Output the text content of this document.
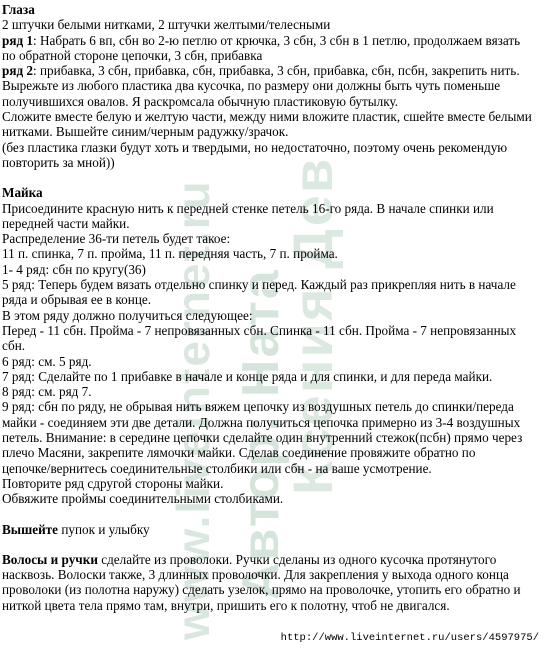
www.liveinternet.ru Автор: Ната
Ксения Дев
Глаза
2 штучки белыми нитками, 2 штучки желтыми/телесными
ряд 1: Набрать 6 вп, сбн во 2-ю петлю от крючка, 3 сбн, 3 сбн в 1 петлю, продолжаем вязать
по обратной стороне цепочки, 3 сбн, прибавка
ряд 2: прибавка, 3 сбн, прибавка, сбн, прибавка, 3 сбн, прибавка, сбн, псбн, закрепить нить.
Вырежьте из любого пластика два кусочка, по размеру они должны быть чуть поменьше
получившихся овалов. Я раскромсала обычную пластиковую бутылку.
Сложите вместе белую и желтую части, между ними вложите пластик, сшейте вместе белыми
нитками. Вышейте синим/черным радужку/зрачок.
(без пластика глазки будут хоть и твердыми, но недостаточно, поэтому очень рекомендую
повторить за мной))
Майка
Присоедините красную нить к передней стенке петель 16-го ряда. В начале спинки или
передней части майки.
Распределение 36-ти петель будет такое:
11 п. спинка, 7 п. пройма, 11 п. передняя часть, 7 п. пройма.
1- 4 ряд: сбн по кругу(36)
5 ряд: Теперь будем вязать отдельно спинку и перед. Каждый раз прикрепляя нить в начале
ряда и обрывая ее в конце.
В этом ряду должно получиться следующее:
Перед - 11 сбн. Пройма - 7 непровязанных сбн. Спинка - 11 сбн. Пройма - 7 непровязанных
сбн.
6 ряд: см. 5 ряд.
7 ряд: Сделайте по 1 прибавке в начале и конце ряда и для спинки, и для переда майки.
8 ряд: см. ряд 7.
9 ряд: сбн по ряду, не обрывая нить вяжем цепочку из воздушных петель до спинки/переда
майки - соединяем эти две детали. Должна получиться цепочка примерно из 3-4 воздушных
петель. Внимание: в середине цепочки сделайте один внутренний стежок(псбн) прямо через
плечо Масяни, закрепите лямочки майки. Сделав соединение провяжите обратно по
цепочке/вернитесь соединительные столбики или сбн - на ваше усмотрение.
Повторите ряд сдругой стороны майки.
Обвяжите проймы соединительными столбиками.
Вышейте пупок и улыбку
Волосы и ручки сделайте из проволоки. Ручки сделаны из одного кусочка протянутого
насквозь. Волоски также, 3 длинных проволочки. Для закрепления у выхода одного конца
проволоки (из полотна наружу) сделать узелок, прямо на проволочке, утопить его обратно и
ниткой цвета тела прямо там, внутри, пришить его к полотну, чтоб не двигался.
http://www.liveinternet.ru/users/4597975/
